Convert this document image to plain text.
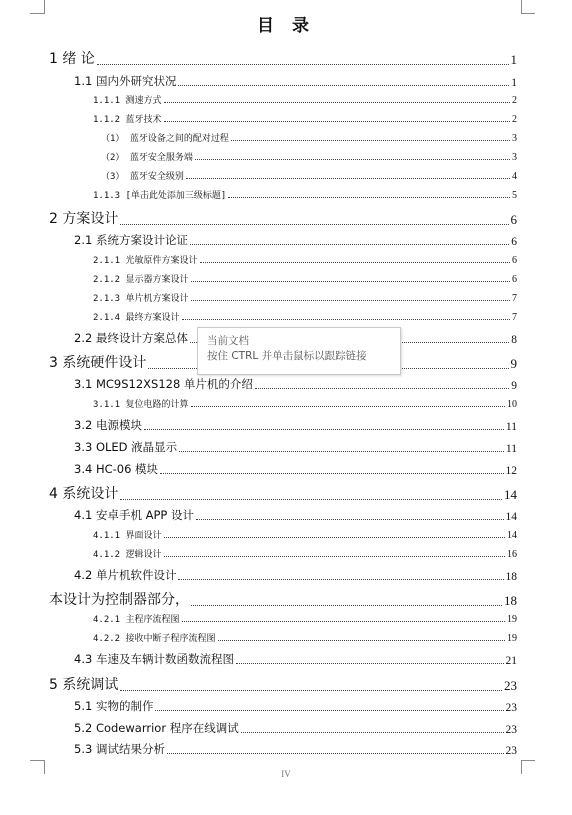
目 录
1 绪 论	1
1.1 国内外研究状况	1
1.1.1 测速方式	2
1.1.2 蓝牙技术	2
（1） 蓝牙设备之间的配对过程	3
（2） 蓝牙安全服务端	3
（3） 蓝牙安全级别	4
1.1.3 [单击此处添加三级标题]	5
2 方案设计	6
2.1 系统方案设计论证	6
2.1.1 光敏原件方案设计	6
2.1.2 显示器方案设计	6
2.1.3 单片机方案设计	7
2.1.4 最终方案设计	7
2.2 最终设计方案总体	8
3 系统硬件设计	9
3.1 MC9S12XS128 单片机的介绍	9
3.1.1 复位电路的计算	10
3.2 电源模块	11
3.3 OLED 液晶显示	11
3.4 HC-06 模块	12
4 系统设计	14
4.1 安卓手机 APP 设计	14
4.1.1 界面设计	14
4.1.2 逻辑设计	16
4.2 单片机软件设计	18
本设计为控制器部分，	18
4.2.1 主程序流程图	19
4.2.2 接收中断子程序流程图	19
4.3 车速及车辆计数函数流程图	21
5 系统调试	23
5.1 实物的制作	23
5.2 Codewarrior 程序在线调试	23
5.3 调试结果分析	23
当前文档
按住 CTRL 并单击鼠标以跟踪链接
IV
